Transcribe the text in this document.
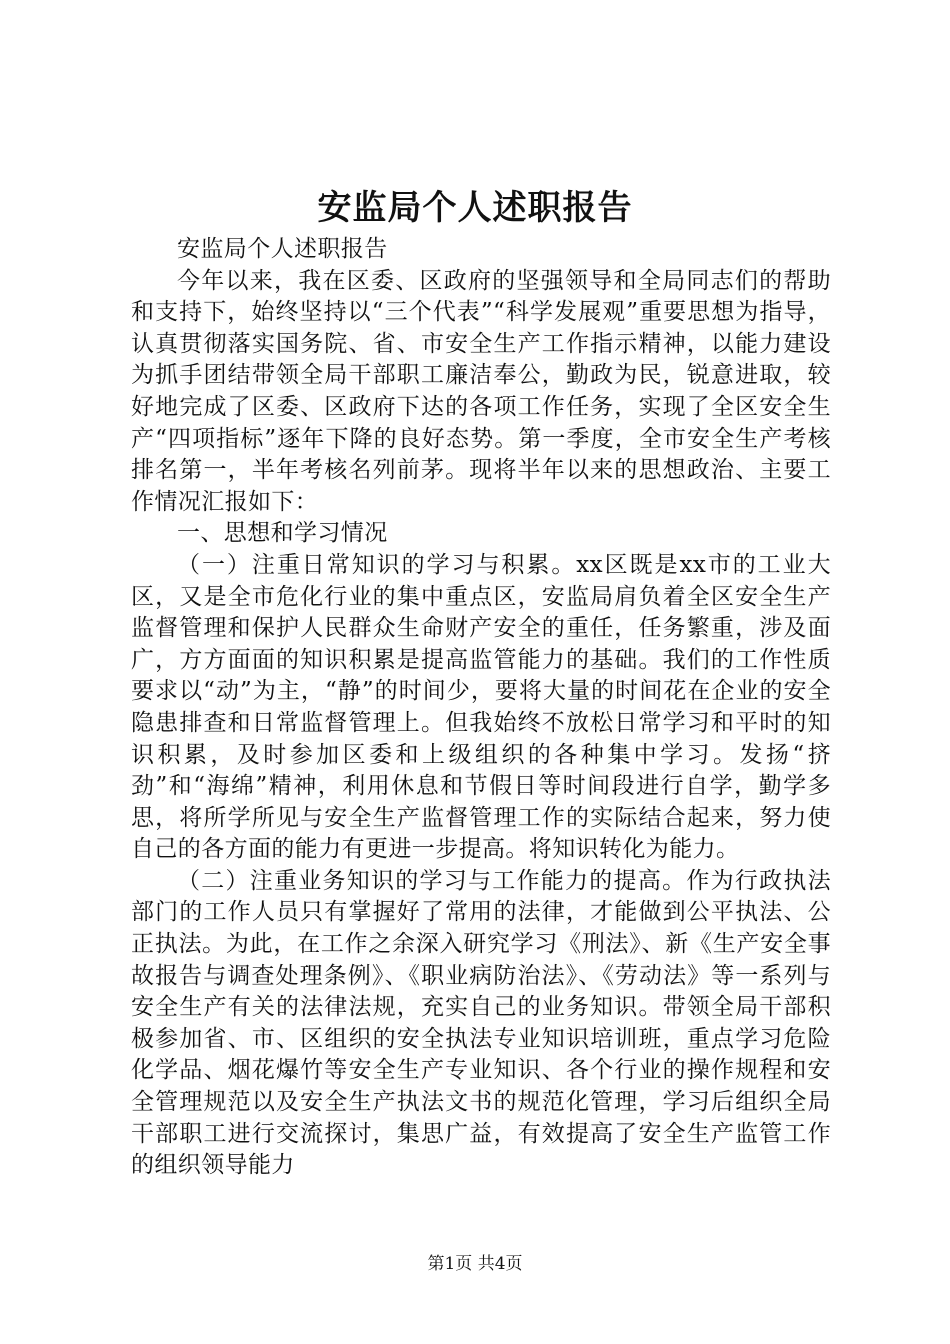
安监局个人述职报告

安监局个人述职报告

今年以来，我在区委、区政府的坚强领导和全局同志们的帮助和支持下，始终坚持以“三个代表”“科学发展观”重要思想为指导，认真贯彻落实国务院、省、市安全生产工作指示精神，以能力建设为抓手团结带领全局干部职工廉洁奉公，勤政为民，锐意进取，较好地完成了区委、区政府下达的各项工作任务，实现了全区安全生产“四项指标”逐年下降的良好态势。第一季度，全市安全生产考核排名第一，半年考核名列前茅。现将半年以来的思想政治、主要工作情况汇报如下：

一、思想和学习情况

（一）注重日常知识的学习与积累。xx区既是xx市的工业大区，又是全市危化行业的集中重点区，安监局肩负着全区安全生产监督管理和保护人民群众生命财产安全的重任，任务繁重，涉及面广，方方面面的知识积累是提高监管能力的基础。我们的工作性质要求以“动”为主，“静”的时间少，要将大量的时间花在企业的安全隐患排查和日常监督管理上。但我始终不放松日常学习和平时的知识积累，及时参加区委和上级组织的各种集中学习。发扬“挤劲”和“海绵”精神，利用休息和节假日等时间段进行自学，勤学多思，将所学所见与安全生产监督管理工作的实际结合起来，努力使自己的各方面的能力有更进一步提高。将知识转化为能力。

（二）注重业务知识的学习与工作能力的提高。作为行政执法部门的工作人员只有掌握好了常用的法律，才能做到公平执法、公正执法。为此，在工作之余深入研究学习《刑法》、新《生产安全事故报告与调查处理条例》、《职业病防治法》、《劳动法》等一系列与安全生产有关的法律法规，充实自己的业务知识。带领全局干部积极参加省、市、区组织的安全执法专业知识培训班，重点学习危险化学品、烟花爆竹等安全生产专业知识、各个行业的操作规程和安全管理规范以及安全生产执法文书的规范化管理，学习后组织全局干部职工进行交流探讨，集思广益，有效提高了安全生产监管工作的组织领导能力

第1页 共4页
